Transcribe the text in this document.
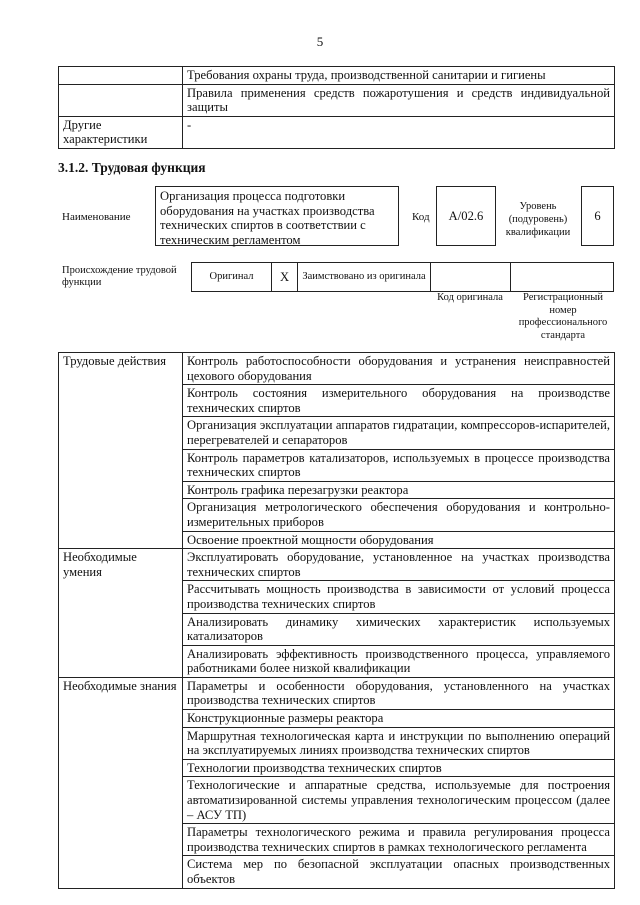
5
	Требования охраны труда, производственной санитарии и гигиены
	Правила применения средств пожаротушения и средств индивидуальной защиты
Другие характеристики	-
3.1.2. Трудовая функция
Наименование
Организация процесса подготовки оборудования на участках производства технических спиртов в соответствии с техническим регламентом
Код	А/02.6
Уровень (подуровень) квалификации
6
Происхождение трудовой функции
Оригинал	X	Заимствовано из оригинала
Код оригинала	Регистрационный номер профессионального стандарта
Трудовые действия	Контроль работоспособности оборудования и устранения неисправностей цехового оборудования
	Контроль состояния измерительного оборудования на производстве технических спиртов
	Организация эксплуатации аппаратов гидратации, компрессоров-испарителей, перегревателей и сепараторов
	Контроль параметров катализаторов, используемых в процессе производства технических спиртов
	Контроль графика перезагрузки реактора
	Организация метрологического обеспечения оборудования и контрольно-измерительных приборов
	Освоение проектной мощности оборудования
Необходимые умения	Эксплуатировать оборудование, установленное на участках производства технических спиртов
	Рассчитывать мощность производства в зависимости от условий процесса производства технических спиртов
	Анализировать динамику химических характеристик используемых катализаторов
	Анализировать эффективность производственного процесса, управляемого работниками более низкой квалификации
Необходимые знания	Параметры и особенности оборудования, установленного на участках производства технических спиртов
	Конструкционные размеры реактора
	Маршрутная технологическая карта и инструкции по выполнению операций на эксплуатируемых линиях производства технических спиртов
	Технологии производства технических спиртов
	Технологические и аппаратные средства, используемые для построения автоматизированной системы управления технологическим процессом (далее – АСУ ТП)
	Параметры технологического режима и правила регулирования процесса производства технических спиртов в рамках технологического регламента
	Система мер по безопасной эксплуатации опасных производственных объектов
